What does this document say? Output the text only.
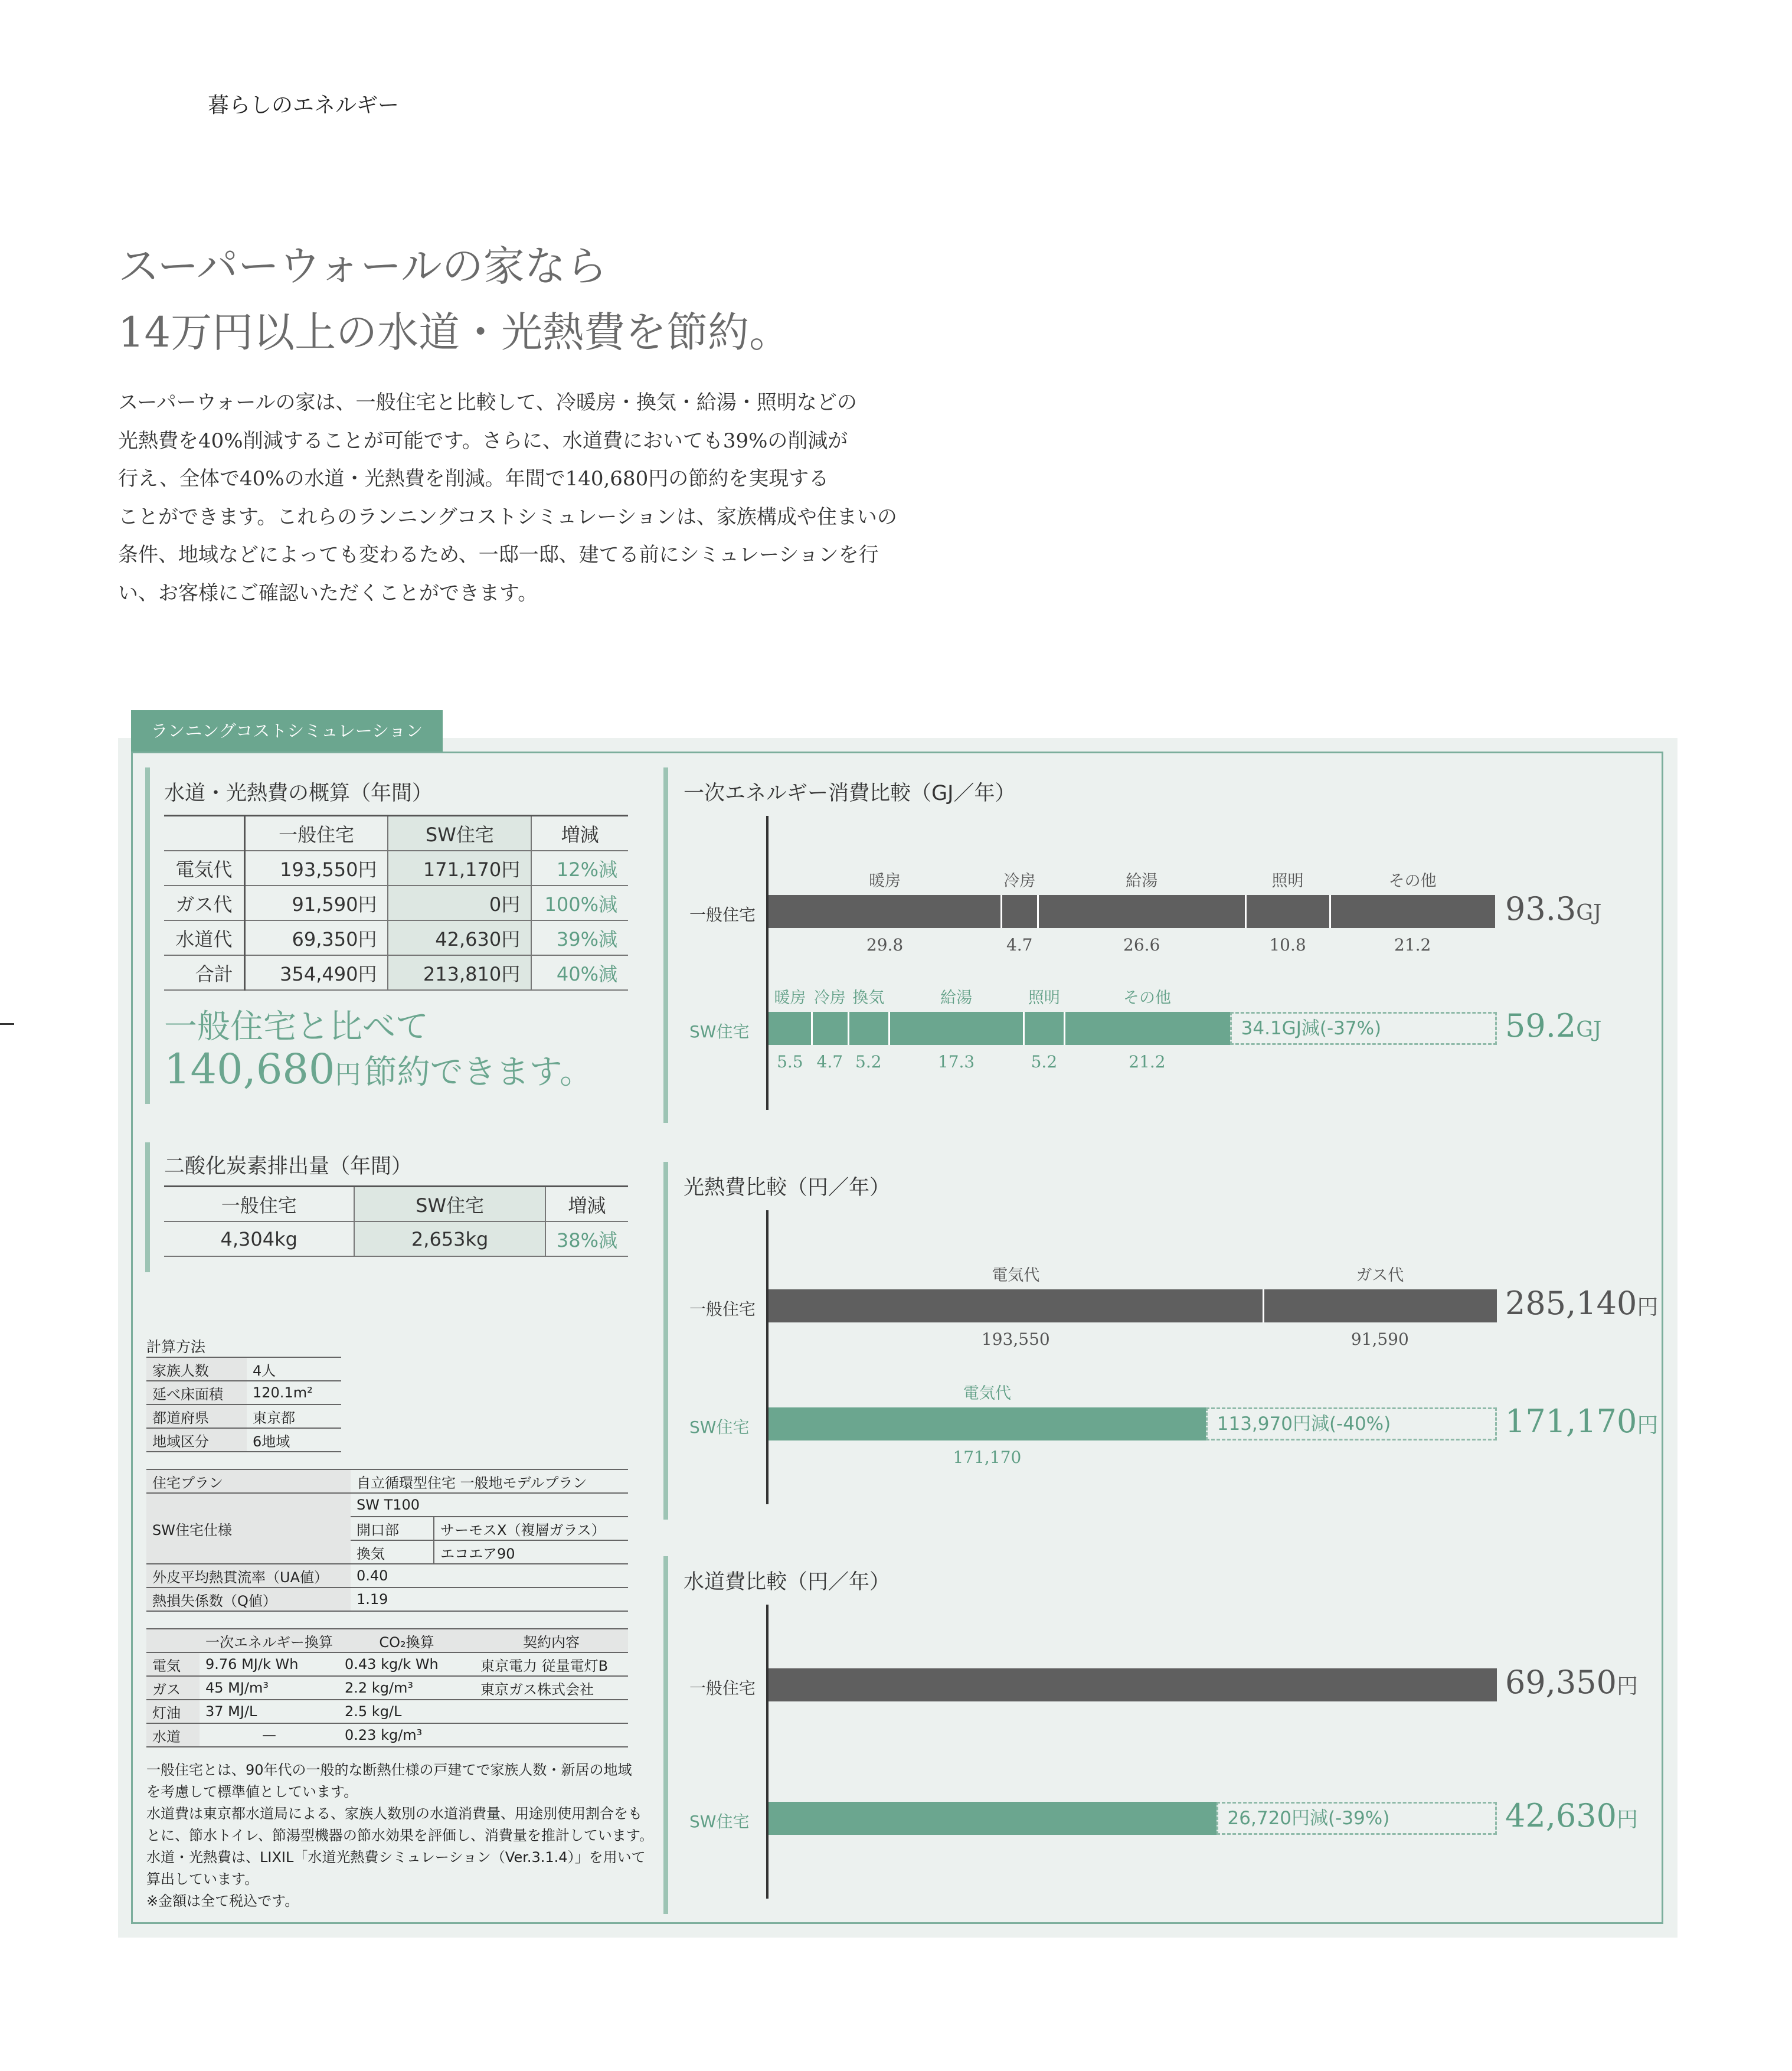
暮らしのエネルギー
スーパーウォールの家なら
14万円以上の水道・光熱費を節約。
スーパーウォールの家は、一般住宅と比較して、冷暖房・換気・給湯・照明などの
光熱費を40%削減することが可能です。さらに、水道費においても39%の削減が
行え、全体で40%の水道・光熱費を削減。年間で140,680円の節約を実現する
ことができます。これらのランニングコストシミュレーションは、家族構成や住まいの
条件、地域などによっても変わるため、一邸一邸、建てる前にシミュレーションを行
い、お客様にご確認いただくことができます。
ランニングコストシミュレーション
水道・光熱費の概算（年間）
	一般住宅	SW住宅	増減
電気代	193,550円	171,170円	12%減
ガス代	91,590円	0円	100%減
水道代	69,350円	42,630円	39%減
合計	354,490円	213,810円	40%減
一般住宅と比べて
140,680円 節約できます。
二酸化炭素排出量（年間）
一般住宅	SW住宅	増減
4,304kg	2,653kg	38%減
計算方法
家族人数	4人
延べ床面積	120.1m²
都道府県	東京都
地域区分	6地域
住宅プラン	自立循環型住宅 一般地モデルプラン	
SW住宅仕様	SW T100	
	開口部	サーモスX（複層ガラス）
	換気	エコエア90
外皮平均熱貫流率（UA値）	0.40	
熱損失係数（Q値）	1.19	
	一次エネルギー換算	CO₂換算	契約内容
電気	9.76 MJ/k Wh	0.43 kg/k Wh	東京電力 従量電灯B
ガス	45 MJ/m³	2.2 kg/m³	東京ガス株式会社
灯油	37 MJ/L	2.5 kg/L	
水道	—	0.23 kg/m³	
一般住宅とは、90年代の一般的な断熱仕様の戸建てで家族人数・新居の地域
を考慮して標準値としています。
水道費は東京都水道局による、家族人数別の水道消費量、用途別使用割合をも
とに、節水トイレ、節湯型機器の節水効果を評価し、消費量を推計しています。
水道・光熱費は、LIXIL「水道光熱費シミュレーション（Ver.3.1.4）」を用いて
算出しています。
※金額は全て税込です。
一次エネルギー消費比較（GJ／年）
一般住宅
暖房
29.8
冷房
4.7
給湯
26.6
照明
10.8
その他
21.2
93.3GJ
SW住宅
暖房
5.5
冷房
4.7
換気
5.2
給湯
17.3
照明
5.2
その他
21.2
34.1GJ減(-37%)	59.2GJ
光熱費比較（円／年）
一般住宅
電気代
193,550
ガス代
91,590
285,140円
SW住宅
電気代
171,170
113,970円減(-40%)	171,170円
水道費比較（円／年）
一般住宅	69,350円
SW住宅	26,720円減(-39%)	42,630円
